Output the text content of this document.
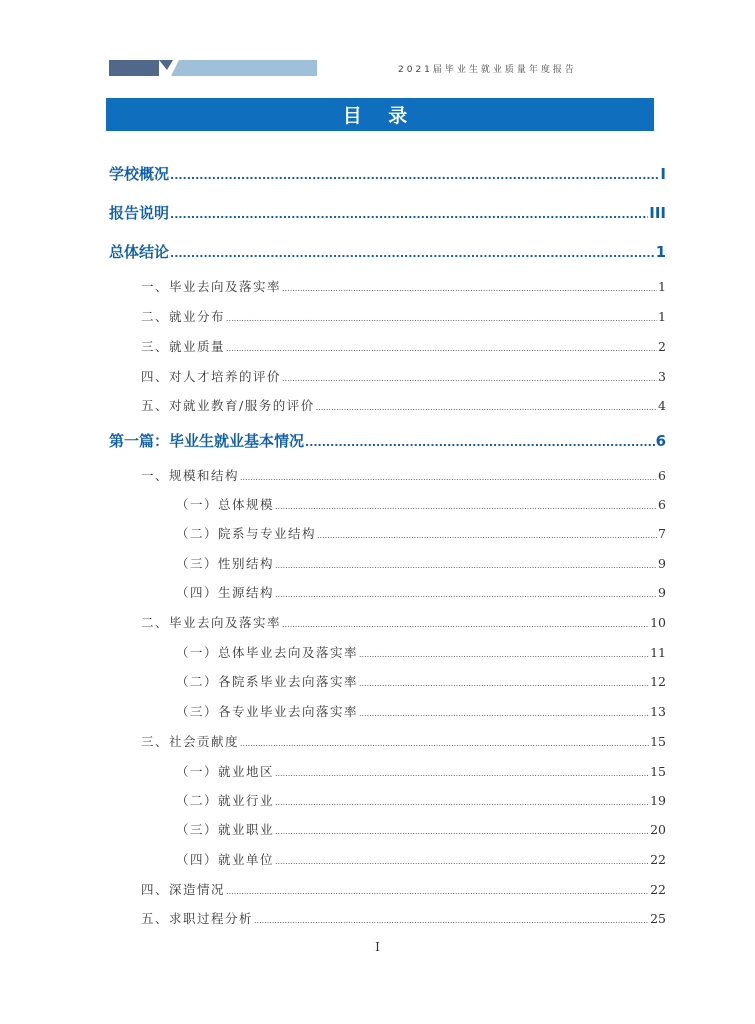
2021届毕业生就业质量年度报告
目 录
学校概况 .....	I
报告说明 .....	III
总体结论 .....	1
一、毕业去向及落实率 .....	1
二、就业分布 .....	1
三、就业质量 .....	2
四、对人才培养的评价 .....	3
五、对就业教育/服务的评价 .....	4
第一篇：毕业生就业基本情况 .....	6
一、规模和结构 .....	6
（一）总体规模 .....	6
（二）院系与专业结构 .....	7
（三）性别结构 .....	9
（四）生源结构 .....	9
二、毕业去向及落实率 .....	10
（一）总体毕业去向及落实率 .....	11
（二）各院系毕业去向落实率 .....	12
（三）各专业毕业去向落实率 .....	13
三、社会贡献度 .....	15
（一）就业地区 .....	15
（二）就业行业 .....	19
（三）就业职业 .....	20
（四）就业单位 .....	22
四、深造情况 .....	22
五、求职过程分析 .....	25
I
